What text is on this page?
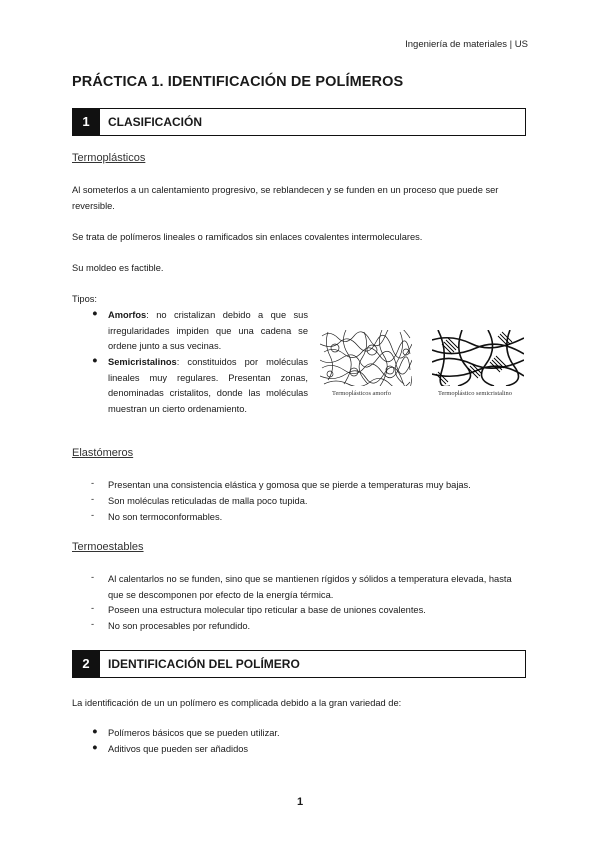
Ingeniería de materiales | US
PRÁCTICA 1. IDENTIFICACIÓN DE POLÍMEROS
1	CLASIFICACIÓN
Termoplásticos
Al someterlos a un calentamiento progresivo, se reblandecen y se funden en un proceso que puede ser reversible.
Se trata de polímeros lineales o ramificados sin enlaces covalentes intermoleculares.
Su moldeo es factible.
Tipos:
● Amorfos: no cristalizan debido a que sus irregularidades impiden que una cadena se ordene junto a sus vecinas.
● Semicristalinos: constituidos por moléculas lineales muy regulares. Presentan zonas, denominadas cristalitos, donde las moléculas muestran un cierto ordenamiento.
Termoplásticos amorfo	Termoplástico semicristalino
Elastómeros
- Presentan una consistencia elástica y gomosa que se pierde a temperaturas muy bajas.
- Son moléculas reticuladas de malla poco tupida.
- No son termoconformables.
Termoestables
- Al calentarlos no se funden, sino que se mantienen rígidos y sólidos a temperatura elevada, hasta que se descomponen por efecto de la energía térmica.
- Poseen una estructura molecular tipo reticular a base de uniones covalentes.
- No son procesables por refundido.
2	IDENTIFICACIÓN DEL POLÍMERO
La identificación de un un polímero es complicada debido a la gran variedad de:
● Polímeros básicos que se pueden utilizar.
● Aditivos que pueden ser añadidos
1
